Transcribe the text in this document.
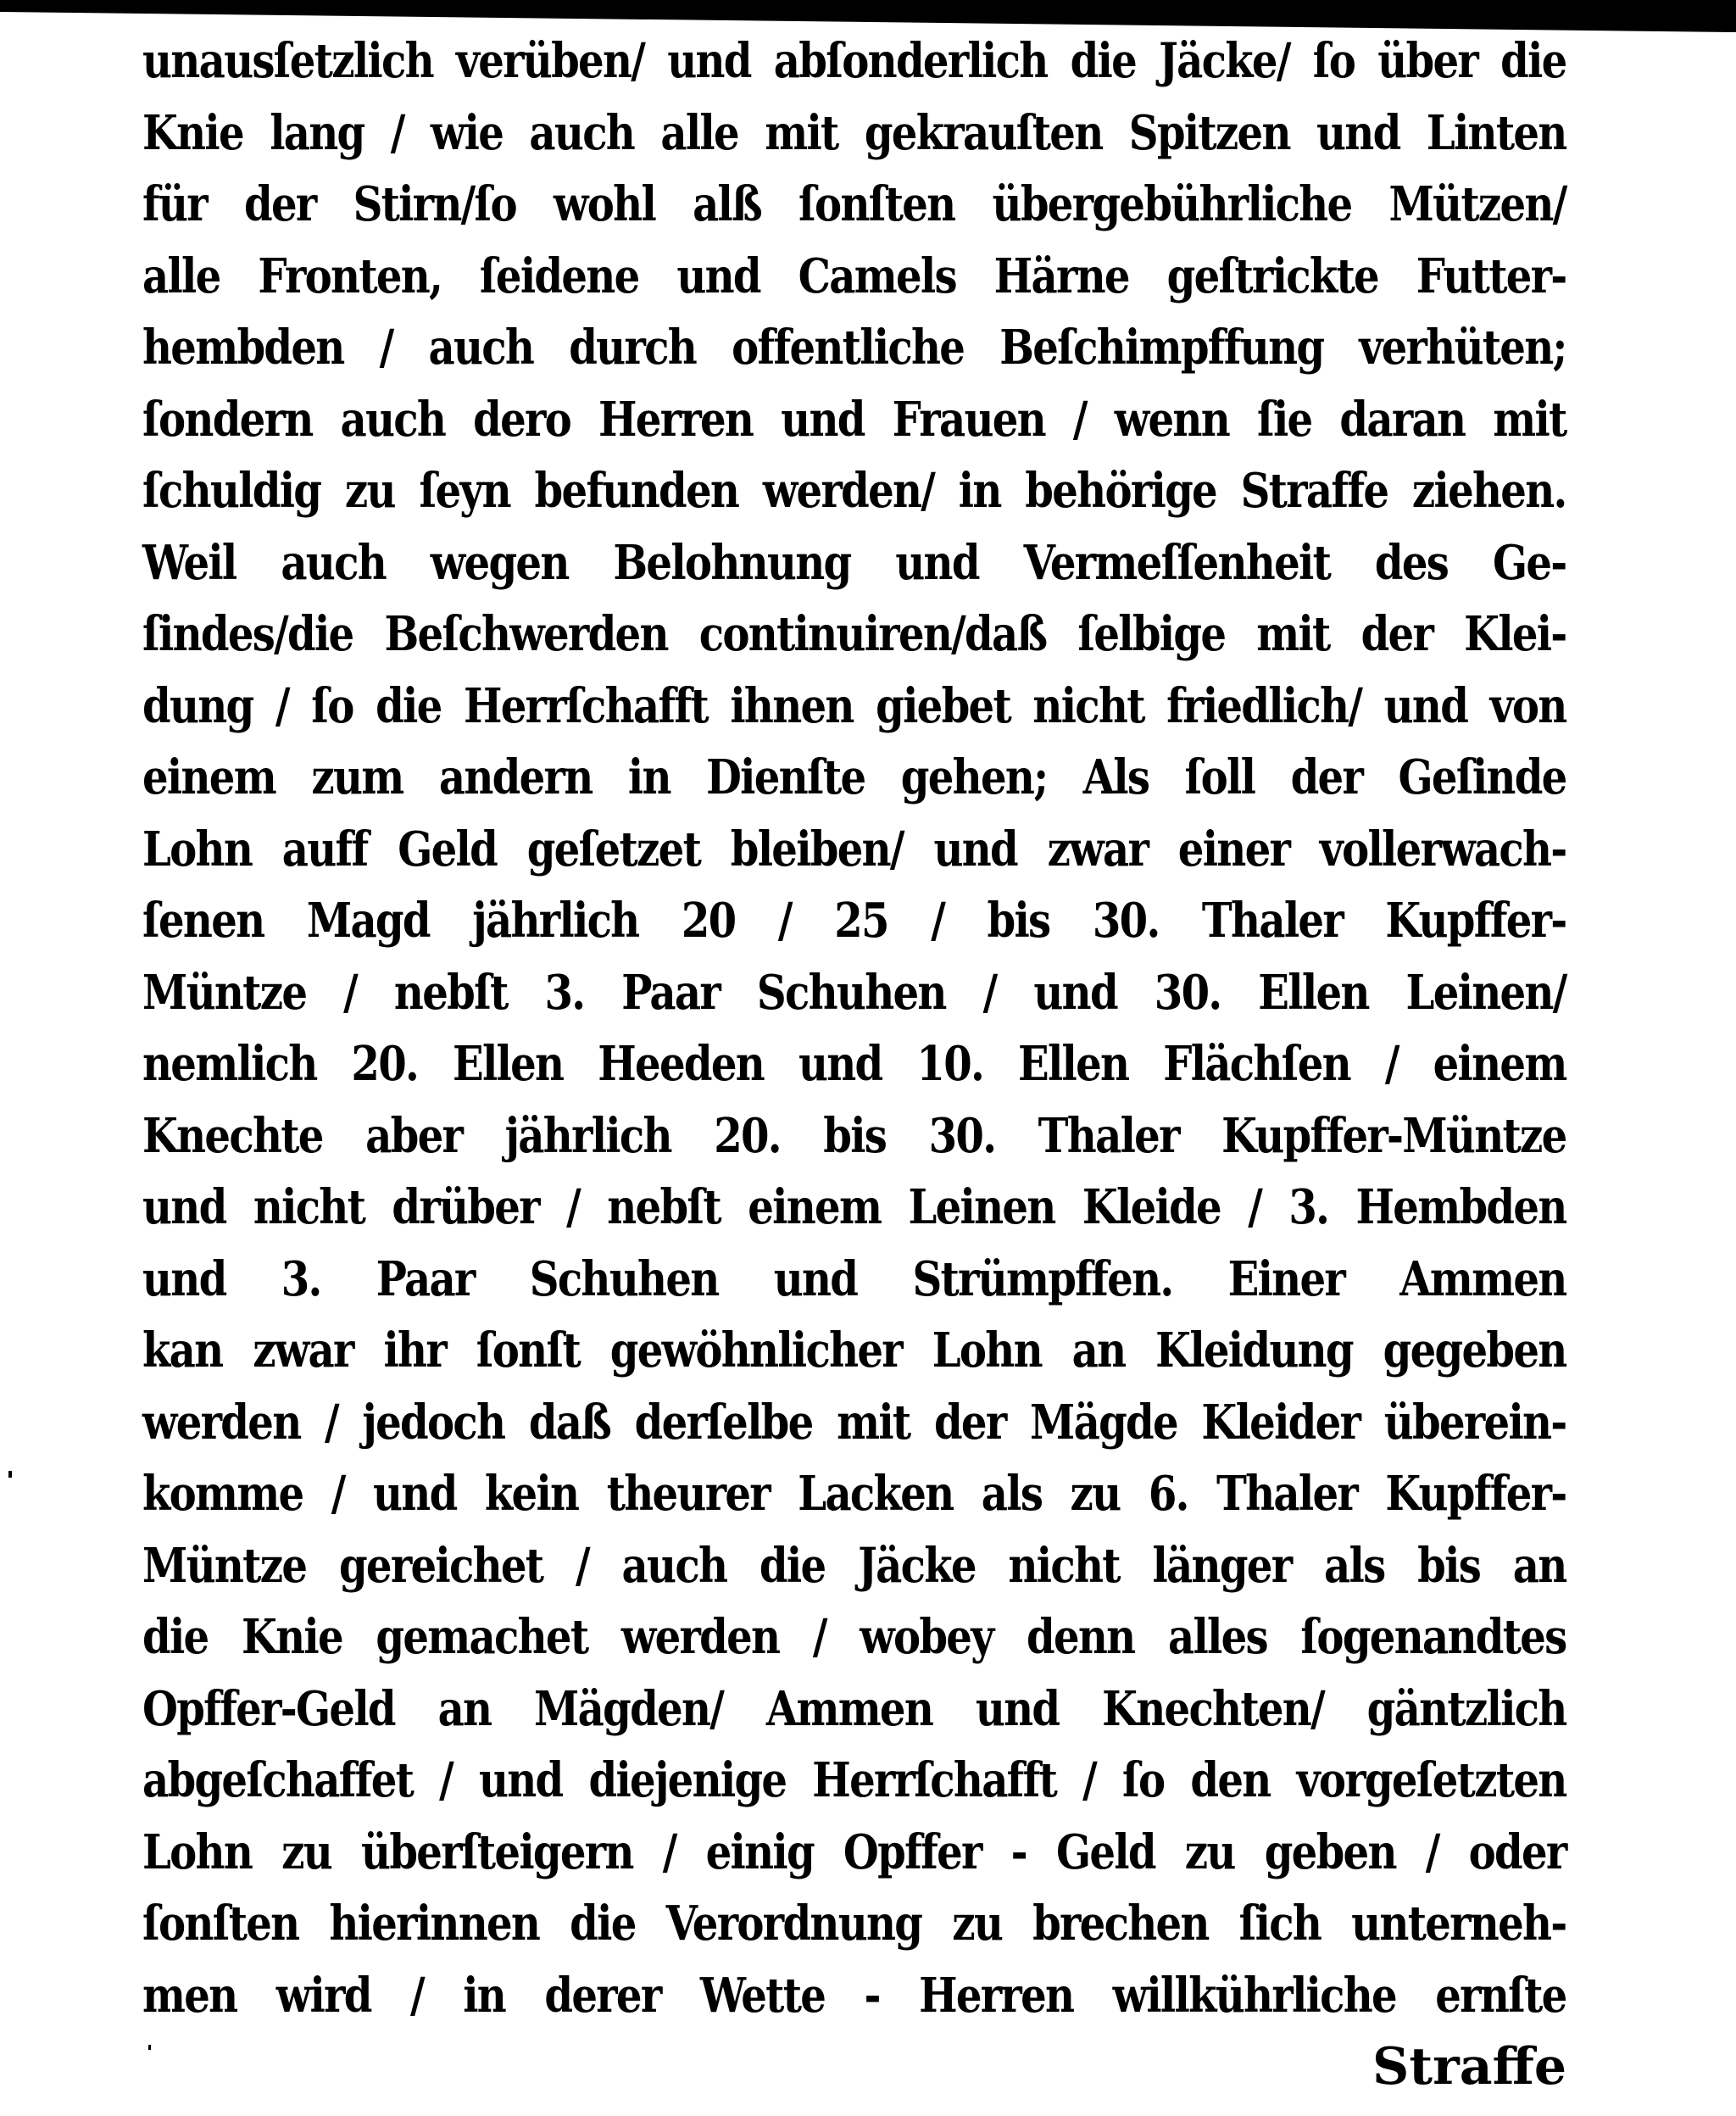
unausſetzlich verüben/ und abſonderlich die Jäcke/ ſo über die
Knie lang / wie auch alle mit gekrauſten Spitzen und Linten
für der Stirn/ſo wohl alß ſonſten übergebührliche Mützen/
alle Fronten, ſeidene und Camels Härne geſtrickte Futter-
hembden / auch durch offentliche Beſchimpffung verhüten;
ſondern auch dero Herren und Frauen / wenn ſie daran mit
ſchuldig zu ſeyn befunden werden/ in behörige Straffe ziehen.
Weil auch wegen Belohnung und Vermeſſenheit des Ge-
ſindes/die Beſchwerden continuiren/daß ſelbige mit der Klei-
dung / ſo die Herrſchafft ihnen giebet nicht friedlich/ und von
einem zum andern in Dienſte gehen; Als ſoll der Geſinde
Lohn auff Geld geſetzet bleiben/ und zwar einer vollerwach-
ſenen Magd jährlich 20 / 25 / bis 30. Thaler Kupffer-
Müntze / nebſt 3. Paar Schuhen / und 30. Ellen Leinen/
nemlich 20. Ellen Heeden und 10. Ellen Flächſen / einem
Knechte aber jährlich 20. bis 30. Thaler Kupffer-Müntze
und nicht drüber / nebſt einem Leinen Kleide / 3. Hembden
und 3. Paar Schuhen und Strümpffen. Einer Ammen
kan zwar ihr ſonſt gewöhnlicher Lohn an Kleidung gegeben
werden / jedoch daß derſelbe mit der Mägde Kleider überein-
komme / und kein theurer Lacken als zu 6. Thaler Kupffer-
Müntze gereichet / auch die Jäcke nicht länger als bis an
die Knie gemachet werden / wobey denn alles ſogenandtes
Opffer-Geld an Mägden/ Ammen und Knechten/ gäntzlich
abgeſchaffet / und diejenige Herrſchafft / ſo den vorgeſetzten
Lohn zu überſteigern / einig Opffer - Geld zu geben / oder
ſonſten hierinnen die Verordnung zu brechen ſich unterneh-
men wird / in derer Wette - Herren willkührliche ernſte
Straffe
